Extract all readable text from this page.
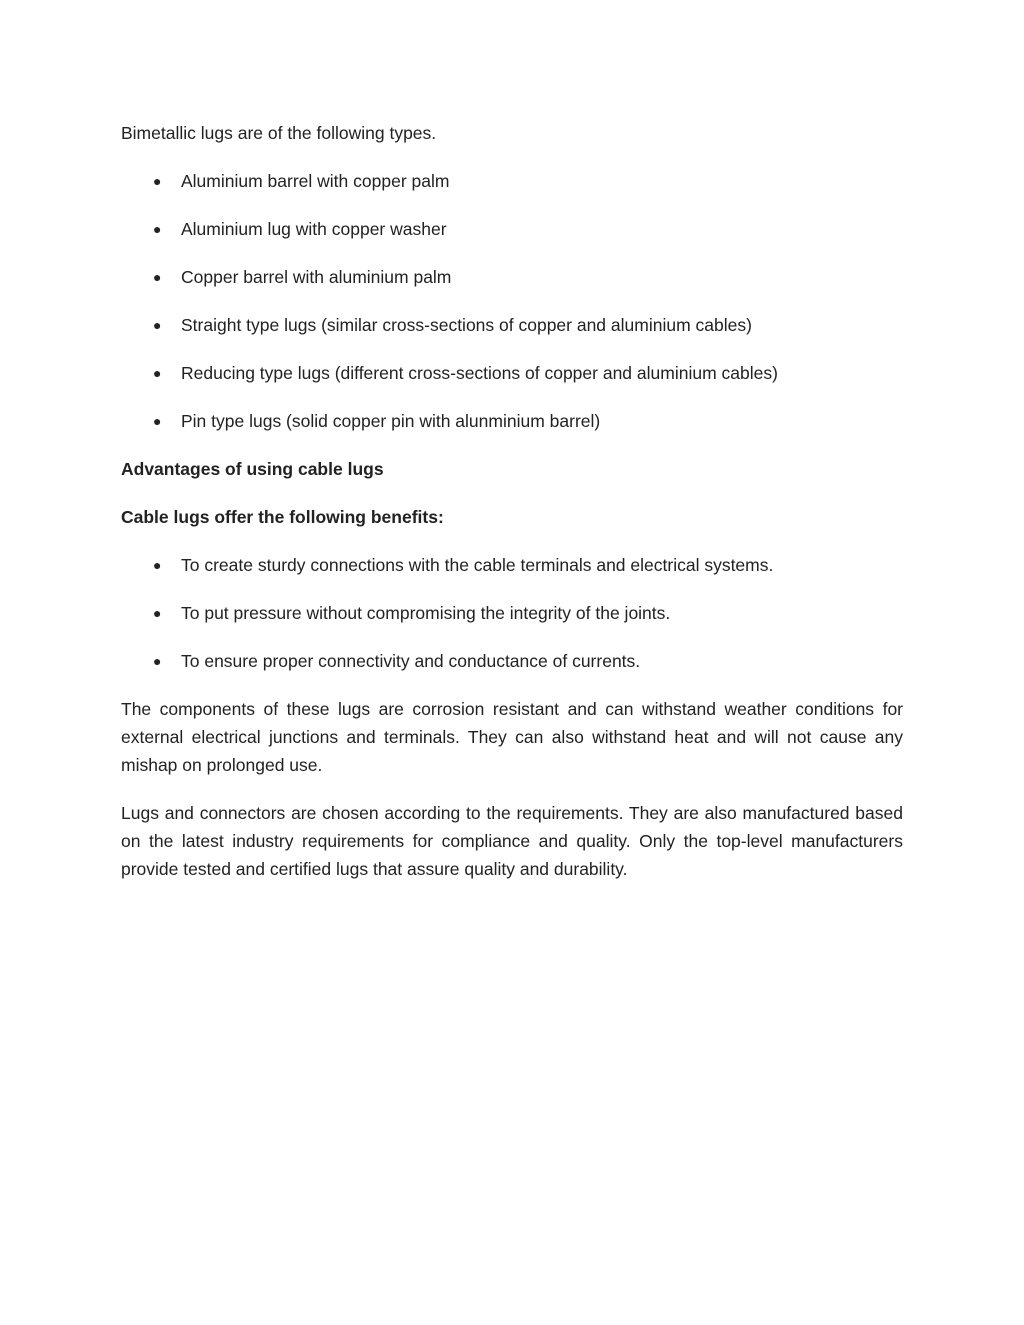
Bimetallic lugs are of the following types.

● Aluminium barrel with copper palm
● Aluminium lug with copper washer
● Copper barrel with aluminium palm
● Straight type lugs (similar cross-sections of copper and aluminium cables)
● Reducing type lugs (different cross-sections of copper and aluminium cables)
● Pin type lugs (solid copper pin with alunminium barrel)

Advantages of using cable lugs

Cable lugs offer the following benefits:

● To create sturdy connections with the cable terminals and electrical systems.
● To put pressure without compromising the integrity of the joints.
● To ensure proper connectivity and conductance of currents.

The components of these lugs are corrosion resistant and can withstand weather conditions for external electrical junctions and terminals. They can also withstand heat and will not cause any mishap on prolonged use.

Lugs and connectors are chosen according to the requirements. They are also manufactured based on the latest industry requirements for compliance and quality. Only the top-level manufacturers provide tested and certified lugs that assure quality and durability.
